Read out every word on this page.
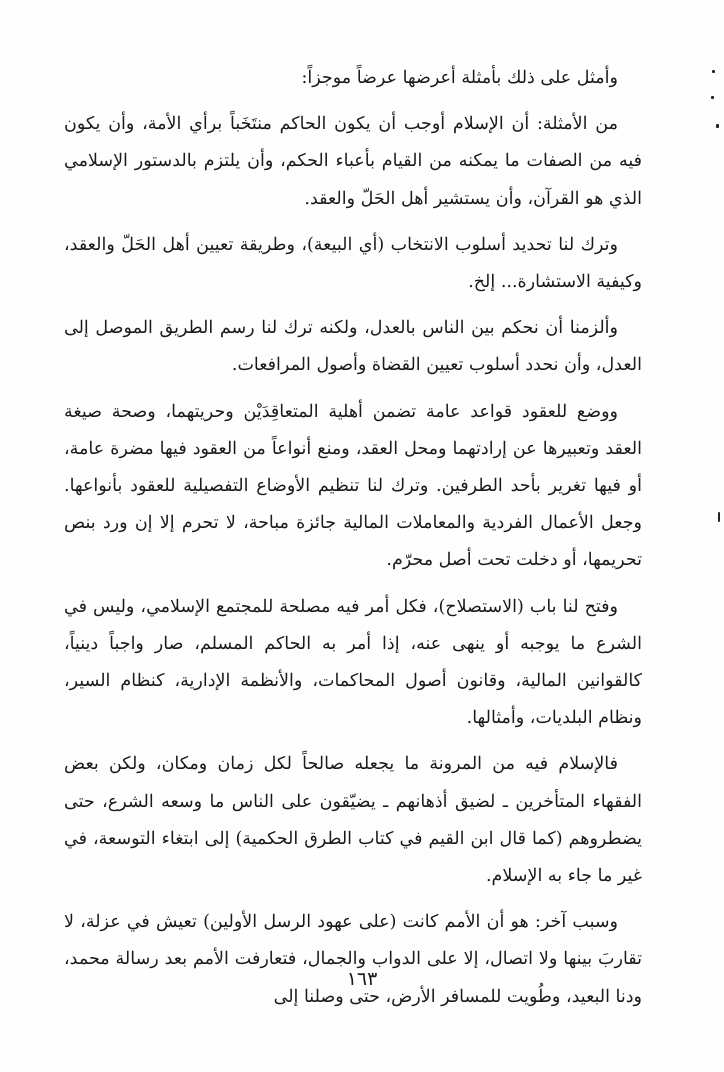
وأمثل على ذلك بأمثلة أعرضها عرضاً موجزاً:

من الأمثلة: أن الإسلام أوجب أن يكون الحاكم منتَخَباً برأي الأمة، وأن يكون فيه من الصفات ما يمكنه من القيام بأعباء الحكم، وأن يلتزم بالدستور الإسلامي الذي هو القرآن، وأن يستشير أهل الحَلّ والعقد.

وترك لنا تحديد أسلوب الانتخاب (أي البيعة)، وطريقة تعيين أهل الحَلّ والعقد، وكيفية الاستشارة... إلخ.

وألزمنا أن نحكم بين الناس بالعدل، ولكنه ترك لنا رسم الطريق الموصل إلى العدل، وأن نحدد أسلوب تعيين القضاة وأصول المرافعات.

ووضع للعقود قواعد عامة تضمن أهلية المتعاقِدَيْن وحريتهما، وصحة صيغة العقد وتعبيرها عن إرادتهما ومحل العقد، ومنع أنواعاً من العقود فيها مضرة عامة، أو فيها تغرير بأحد الطرفين. وترك لنا تنظيم الأوضاع التفصيلية للعقود بأنواعها. وجعل الأعمال الفردية والمعاملات المالية جائزة مباحة، لا تحرم إلا إن ورد بنص تحريمها، أو دخلت تحت أصل محرّم.

وفتح لنا باب (الاستصلاح)، فكل أمر فيه مصلحة للمجتمع الإسلامي، وليس في الشرع ما يوجبه أو ينهى عنه، إذا أمر به الحاكم المسلم، صار واجباً دينياً، كالقوانين المالية، وقانون أصول المحاكمات، والأنظمة الإدارية، كنظام السير، ونظام البلديات، وأمثالها.

فالإسلام فيه من المرونة ما يجعله صالحاً لكل زمان ومكان، ولكن بعض الفقهاء المتأخرين ـ لضيق أذهانهم ـ يضيّقون على الناس ما وسعه الشرع، حتى يضطروهم (كما قال ابن القيم في كتاب الطرق الحكمية) إلى ابتغاء التوسعة، في غير ما جاء به الإسلام.

وسبب آخر: هو أن الأمم كانت (على عهود الرسل الأولين) تعيش في عزلة، لا تقاربَ بينها ولا اتصال، إلا على الدواب والجمال، فتعارفت الأمم بعد رسالة محمد، ودنا البعيد، وطُويت للمسافر الأرض، حتى وصلنا إلى

١٦٣
